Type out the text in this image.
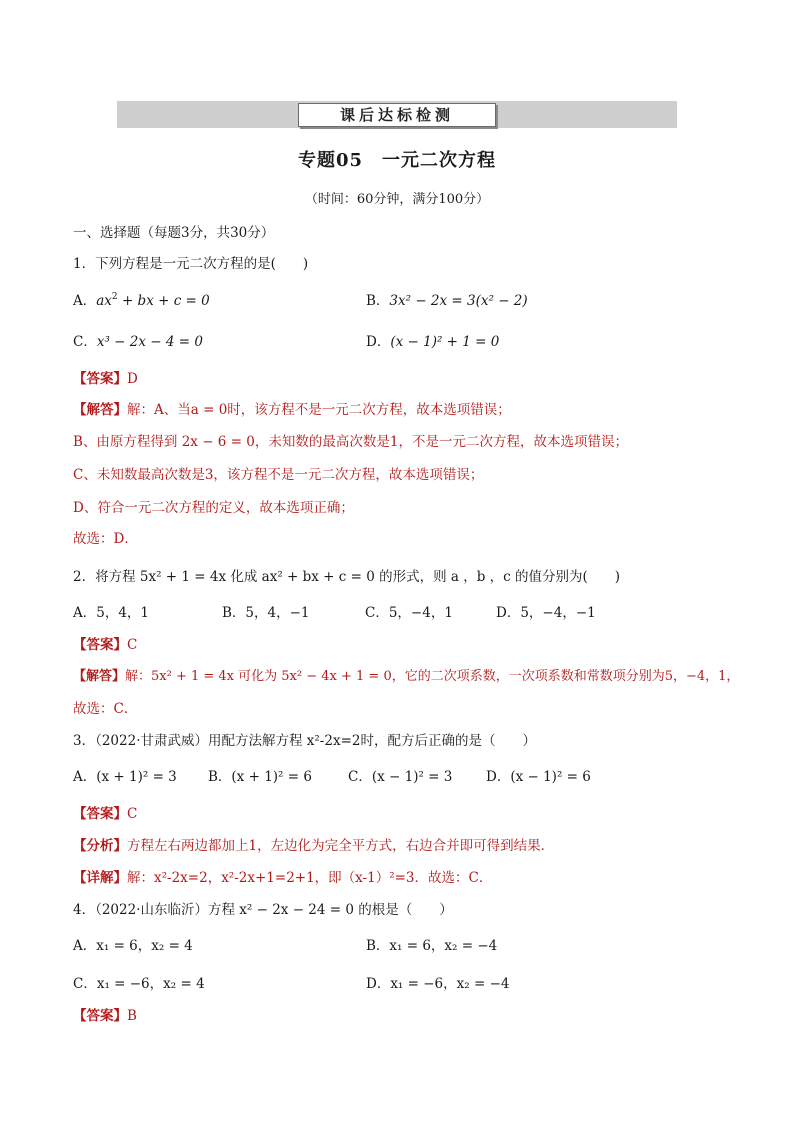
课后达标检测
专题05　一元二次方程
（时间：60分钟，满分100分）
一、选择题（每题3分，共30分）
1．下列方程是一元二次方程的是(　　)
A．$ax^2$ + bx + c = 0	B．3x² − 2x = 3(x² − 2)
C．x³ − 2x − 4 = 0	D．(x − 1)² + 1 = 0
【答案】D
【解答】解：A、当a = 0时，该方程不是一元二次方程，故本选项错误；
B、由原方程得到 2x − 6 = 0，未知数的最高次数是1，不是一元二次方程，故本选项错误；
C、未知数最高次数是3，该方程不是一元二次方程，故本选项错误；
D、符合一元二次方程的定义，故本选项正确；
故选：D．
2．将方程 5x² + 1 = 4x 化成 ax² + bx + c = 0 的形式，则 a ，b ，c 的值分别为(　　)
A．5，4，1	B．5，4，−1	C．5，−4，1	D．5，−4，−1
【答案】C
【解答】解：5x² + 1 = 4x 可化为 5x² − 4x + 1 = 0，它的二次项系数，一次项系数和常数项分别为5，−4，1，
故选：C．
3．（2022·甘肃武威）用配方法解方程 x²-2x=2时，配方后正确的是（　　）
A．(x + 1)² = 3 B．(x + 1)² = 6	C．(x − 1)² = 3 D．(x − 1)² = 6
【答案】C
【分析】方程左右两边都加上1，左边化为完全平方式，右边合并即可得到结果．
【详解】解：x²-2x=2，x²-2x+1=2+1，即（x-1）²=3．故选：C．
4．（2022·山东临沂）方程 x² − 2x − 24 = 0 的根是（　　）
A．x₁ = 6，x₂ = 4	B．x₁ = 6，x₂ = −4
C．x₁ = −6，x₂ = 4	D．x₁ = −6，x₂ = −4
【答案】B
